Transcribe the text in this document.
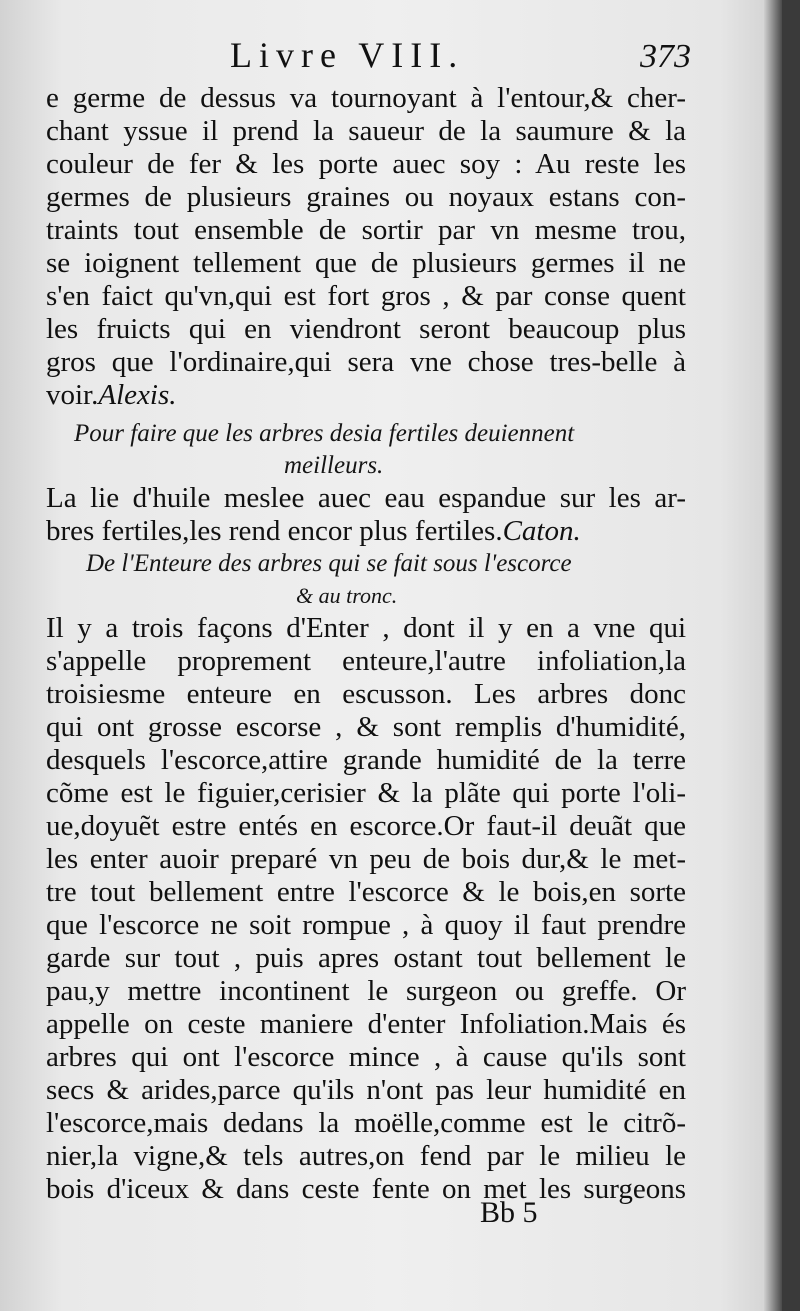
Livre VIII.	373
e germe de dessus va tournoyant à l'entour,& cher-
chant yssue il prend la saueur de la saumure & la
couleur de fer & les porte auec soy : Au reste les
germes de plusieurs graines ou noyaux estans con-
traints tout ensemble de sortir par vn mesme trou,
se ioignent tellement que de plusieurs germes il ne
s'en faict qu'vn,qui est fort gros , & par conse quent
les fruicts qui en viendront seront beaucoup plus
gros que l'ordinaire,qui sera vne chose tres-belle à
voir.Alexis.
Pour faire que les arbres desia fertiles deuiennent
meilleurs.
La lie d'huile meslee auec eau espandue sur les ar-
bres fertiles,les rend encor plus fertiles.Caton.
De l'Enteure des arbres qui se fait sous l'escorce
& au tronc.
Il y a trois façons d'Enter , dont il y en a vne qui
s'appelle proprement enteure,l'autre infoliation,la
troisiesme enteure en escusson. Les arbres donc
qui ont grosse escorse , & sont remplis d'humidité,
desquels l'escorce,attire grande humidité de la terre
cõme est le figuier,cerisier & la plãte qui porte l'oli-
ue,doyuẽt estre entés en escorce.Or faut-il deuãt que
les enter auoir preparé vn peu de bois dur,& le met-
tre tout bellement entre l'escorce & le bois,en sorte
que l'escorce ne soit rompue , à quoy il faut prendre
garde sur tout , puis apres ostant tout bellement le
pau,y mettre incontinent le surgeon ou greffe. Or
appelle on ceste maniere d'enter Infoliation.Mais és
arbres qui ont l'escorce mince , à cause qu'ils sont
secs & arides,parce qu'ils n'ont pas leur humidité en
l'escorce,mais dedans la moëlle,comme est le citrõ-
nier,la vigne,& tels autres,on fend par le milieu le
bois d'iceux & dans ceste fente on met les surgeons
Bb 5
